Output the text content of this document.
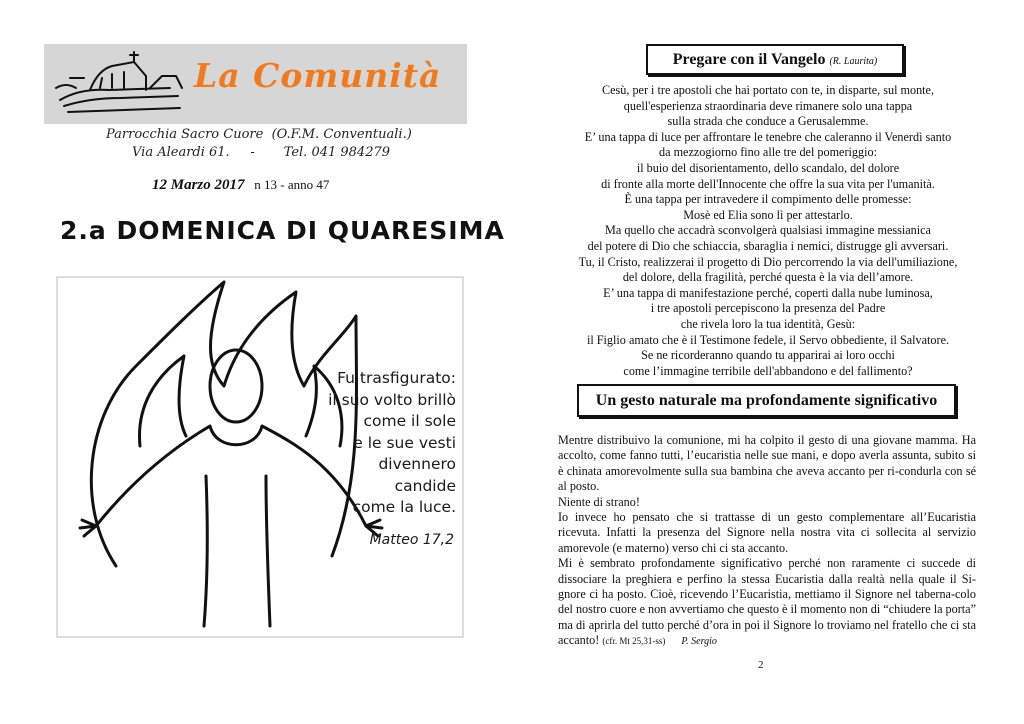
La Comunità
Parrocchia Sacro Cuore  (O.F.M. Conventuali.)
Via Aleardi 61.     -       Tel. 041 984279
12 Marzo 2017 n 13 - anno 47
2.a DOMENICA DI QUARESIMA
Fu trasfigurato:
il suo volto brillò
come il sole
e le sue vesti
divennero
candide
come la luce.
Matteo 17,2
Pregare con il Vangelo (R. Laurita)
Cesù, per i tre apostoli che hai portato con te, in disparte, sul monte,
quell'esperienza straordinaria deve rimanere solo una tappa
sulla strada che conduce a Gerusalemme.
E’ una tappa di luce per affrontare le tenebre che caleranno il Venerdì santo
da mezzogiorno fino alle tre del pomeriggio:
il buio del disorientamento, dello scandalo, del dolore
di fronte alla morte dell'Innocente che offre la sua vita per l'umanità.
È una tappa per intravedere il compimento delle promesse:
Mosè ed Elia sono lì per attestarlo.
Ma quello che accadrà sconvolgerà qualsiasi immagine messianica
del potere di Dio che schiaccia, sbaraglia i nemici, distrugge gli avversari.
Tu, il Cristo, realizzerai il progetto di Dio percorrendo la via dell'umiliazione,
del dolore, della fragilità, perché questa è la via dell’amore.
E’ una tappa di manifestazione perché, coperti dalla nube luminosa,
i tre apostoli percepiscono la presenza del Padre
che rivela loro la tua identità, Gesù:
il Figlio amato che è il Testimone fedele, il Servo obbediente, il Salvatore.
Se ne ricorderanno quando tu apparirai ai loro occhi
come l’immagine terribile dell'abbandono e del fallimento?
Un gesto naturale ma profondamente significativo

Mentre distribuivo la comunione, mi ha colpito il gesto di una giovane mamma. Ha accolto, come fanno tutti, l’eucaristia nelle sue mani, e dopo averla assunta, subito si è chinata amorevolmente sulla sua bambina che aveva accanto per ri-condurla con sé al posto.

Niente di strano!

Io invece ho pensato che si trattasse di un gesto complementare all’Eucaristia ricevuta. Infatti la presenza del Signore nella nostra vita ci sollecita al servizio amorevole (e materno) verso chi ci sta accanto.

Mi è sembrato profondamente significativo perché non raramente ci succede di dissociare la preghiera e perfino la stessa Eucaristia dalla realtà nella quale il Si-gnore ci ha posto. Cioè, ricevendo l’Eucaristia, mettiamo il Signore nel taberna-colo del nostro cuore e non avvertiamo che questo è il momento non di “chiudere la porta” ma di aprirla del tutto perché d’ora in poi il Signore lo troviamo nel fratello che ci sta accanto! (cfr. Mt 25,31-ss) P. Sergio

2
